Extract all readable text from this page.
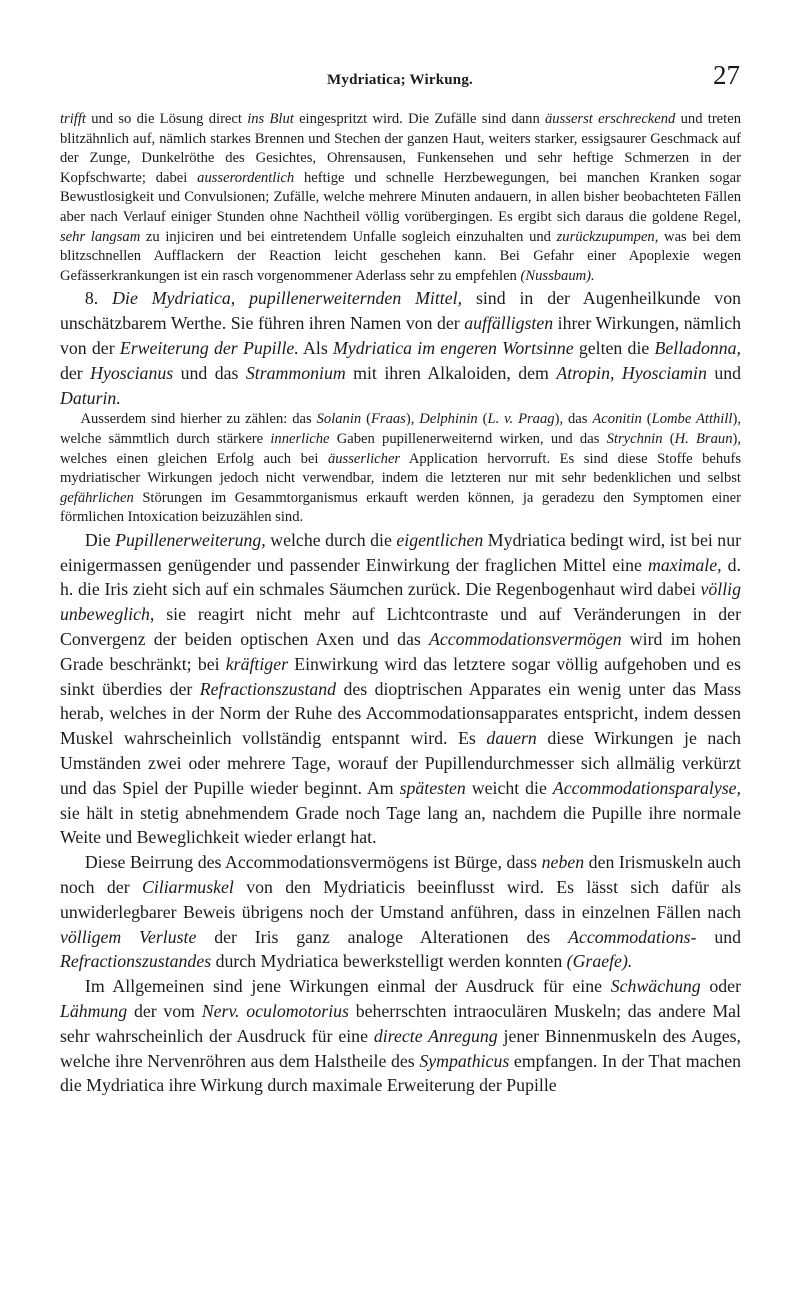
Mydriatica; Wirkung.	27

trifft und so die Lösung direct ins Blut eingespritzt wird. Die Zufälle sind dann äusserst erschreckend und treten blitzähnlich auf, nämlich starkes Brennen und Stechen der ganzen Haut, weiters starker, essigsaurer Geschmack auf der Zunge, Dunkelröthe des Gesichtes, Ohrensausen, Funkensehen und sehr heftige Schmerzen in der Kopfschwarte; dabei ausserordentlich heftige und schnelle Herzbewegungen, bei manchen Kranken sogar Bewustlosigkeit und Convulsionen; Zufälle, welche mehrere Minuten andauern, in allen bisher beobachteten Fällen aber nach Verlauf einiger Stunden ohne Nachtheil völlig vorübergingen. Es ergibt sich daraus die goldene Regel, sehr langsam zu injiciren und bei eintretendem Unfalle sogleich einzuhalten und zurückzupumpen, was bei dem blitzschnellen Aufflackern der Reaction leicht geschehen kann. Bei Gefahr einer Apoplexie wegen Gefässerkrankungen ist ein rasch vorgenommener Aderlass sehr zu empfehlen (Nussbaum).

8. Die Mydriatica, pupillenerweiternden Mittel, sind in der Augenheilkunde von unschätzbarem Werthe. Sie führen ihren Namen von der auffälligsten ihrer Wirkungen, nämlich von der Erweiterung der Pupille. Als Mydriatica im engeren Wortsinne gelten die Belladonna, der Hyoscianus und das Strammonium mit ihren Alkaloiden, dem Atropin, Hyosciamin und Daturin.

Ausserdem sind hierher zu zählen: das Solanin (Fraas), Delphinin (L. v. Praag), das Aconitin (Lombe Atthill), welche sämmtlich durch stärkere innerliche Gaben pupillenerweiternd wirken, und das Strychnin (H. Braun), welches einen gleichen Erfolg auch bei äusserlicher Application hervorruft. Es sind diese Stoffe behufs mydriatischer Wirkungen jedoch nicht verwendbar, indem die letzteren nur mit sehr bedenklichen und selbst gefährlichen Störungen im Gesammtorganismus erkauft werden können, ja geradezu den Symptomen einer förmlichen Intoxication beizuzählen sind.

Die Pupillenerweiterung, welche durch die eigentlichen Mydriatica bedingt wird, ist bei nur einigermassen genügender und passender Einwirkung der fraglichen Mittel eine maximale, d. h. die Iris zieht sich auf ein schmales Säumchen zurück. Die Regenbogenhaut wird dabei völlig unbeweglich, sie reagirt nicht mehr auf Lichtcontraste und auf Veränderungen in der Convergenz der beiden optischen Axen und das Accommodationsvermögen wird im hohen Grade beschränkt; bei kräftiger Einwirkung wird das letztere sogar völlig aufgehoben und es sinkt überdies der Refractionszustand des dioptrischen Apparates ein wenig unter das Mass herab, welches in der Norm der Ruhe des Accommodationsapparates entspricht, indem dessen Muskel wahrscheinlich vollständig entspannt wird. Es dauern diese Wirkungen je nach Umständen zwei oder mehrere Tage, worauf der Pupillendurchmesser sich allmälig verkürzt und das Spiel der Pupille wieder beginnt. Am spätesten weicht die Accommodationsparalyse, sie hält in stetig abnehmendem Grade noch Tage lang an, nachdem die Pupille ihre normale Weite und Beweglichkeit wieder erlangt hat.

Diese Beirrung des Accommodationsvermögens ist Bürge, dass neben den Irismuskeln auch noch der Ciliarmuskel von den Mydriaticis beeinflusst wird. Es lässt sich dafür als unwiderlegbarer Beweis übrigens noch der Umstand anführen, dass in einzelnen Fällen nach völligem Verluste der Iris ganz analoge Alterationen des Accommodations- und Refractionszustandes durch Mydriatica bewerkstelligt werden konnten (Graefe).

Im Allgemeinen sind jene Wirkungen einmal der Ausdruck für eine Schwächung oder Lähmung der vom Nerv. oculomotorius beherrschten intraoculären Muskeln; das andere Mal sehr wahrscheinlich der Ausdruck für eine directe Anregung jener Binnenmuskeln des Auges, welche ihre Nervenröhren aus dem Halstheile des Sympathicus empfangen. In der That machen die Mydriatica ihre Wirkung durch maximale Erweiterung der Pupille
